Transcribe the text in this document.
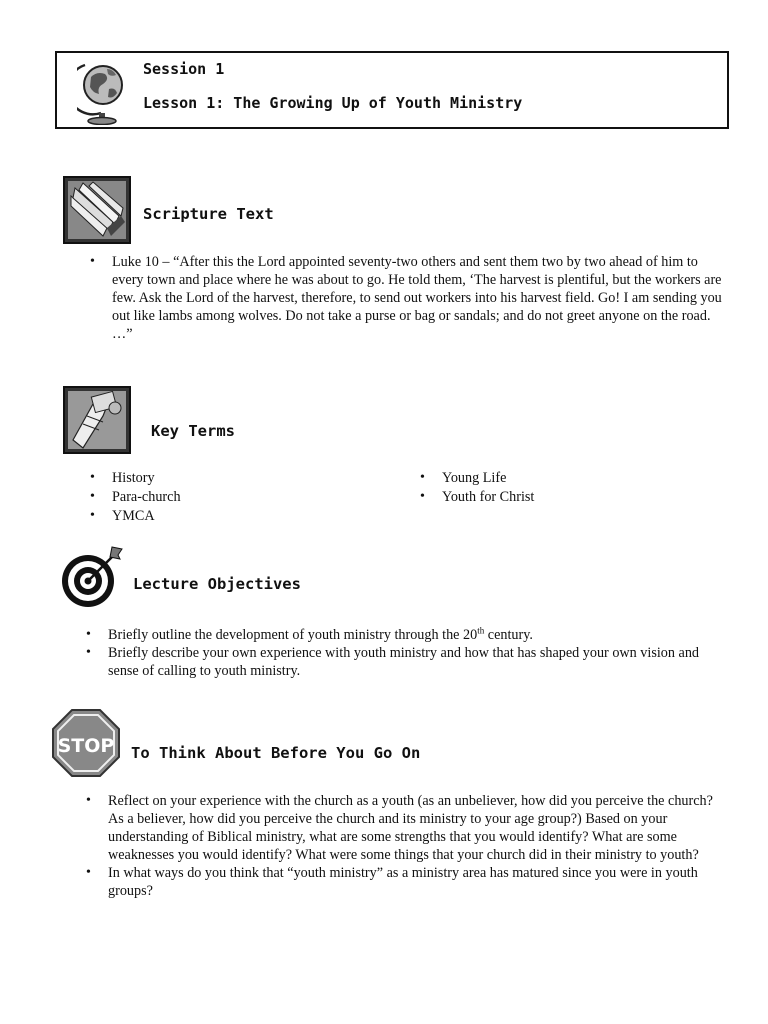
Session 1
Lesson 1: The Growing Up of Youth Ministry
Scripture Text
• Luke 10 – “After this the Lord appointed seventy-two others and sent them two by two ahead of him to every town and place where he was about to go. He told them, ‘The harvest is plentiful, but the workers are few. Ask the Lord of the harvest, therefore, to send out workers into his harvest field. Go! I am sending you out like lambs among wolves. Do not take a purse or bag or sandals; and do not greet anyone on the road. …”
Key Terms
• History
• Para-church
• YMCA
• Young Life
• Youth for Christ
Lecture Objectives
• Briefly outline the development of youth ministry through the 20th century.
• Briefly describe your own experience with youth ministry and how that has shaped your own vision and sense of calling to youth ministry.
STOP To Think About Before You Go On
• Reflect on your experience with the church as a youth (as an unbeliever, how did you perceive the church? As a believer, how did you perceive the church and its ministry to your age group?) Based on your understanding of Biblical ministry, what are some strengths that you would identify? What are some weaknesses you would identify? What were some things that your church did in their ministry to youth?
• In what ways do you think that “youth ministry” as a ministry area has matured since you were in youth groups?
